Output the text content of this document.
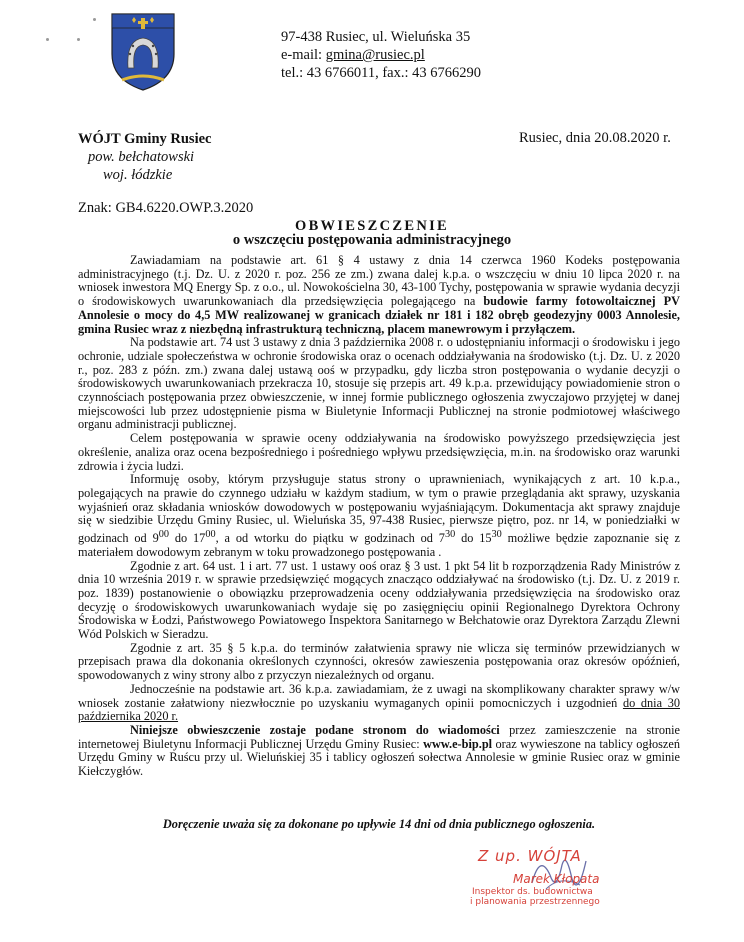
97-438 Rusiec, ul. Wieluńska 35
e-mail: gmina@rusiec.pl
tel.: 43 6766011, fax.: 43 6766290
WÓJT Gminy Rusiec
pow. bełchatowski
woj. łódzkie
Rusiec, dnia 20.08.2020 r.
Znak: GB4.6220.OWP.3.2020
OBWIESZCZENIE
o wszczęciu postępowania administracyjnego

Zawiadamiam na podstawie art. 61 § 4 ustawy z dnia 14 czerwca 1960 Kodeks postępowania administracyjnego (t.j. Dz. U. z 2020 r. poz. 256 ze zm.) zwana dalej k.p.a. o wszczęciu w dniu 10 lipca 2020 r. na wniosek inwestora MQ Energy Sp. z o.o., ul. Nowokościelna 30, 43-100 Tychy, postępowania w sprawie wydania decyzji o środowiskowych uwarunkowaniach dla przedsięwzięcia polegającego na budowie farmy fotowoltaicznej PV Annolesie o mocy do 4,5 MW realizowanej w granicach działek nr 181 i 182 obręb geodezyjny 0003 Annolesie, gmina Rusiec wraz z niezbędną infrastrukturą techniczną, placem manewrowym i przyłączem.

Na podstawie art. 74 ust 3 ustawy z dnia 3 października 2008 r. o udostępnianiu informacji o środowisku i jego ochronie, udziale społeczeństwa w ochronie środowiska oraz o ocenach oddziaływania na środowisko (t.j. Dz. U. z 2020 r., poz. 283 z późn. zm.) zwana dalej ustawą ooś w przypadku, gdy liczba stron postępowania o wydanie decyzji o środowiskowych uwarunkowaniach przekracza 10, stosuje się przepis art. 49 k.p.a. przewidujący powiadomienie stron o czynnościach postępowania przez obwieszczenie, w innej formie publicznego ogłoszenia zwyczajowo przyjętej w danej miejscowości lub przez udostępnienie pisma w Biuletynie Informacji Publicznej na stronie podmiotowej właściwego organu administracji publicznej.

Celem postępowania w sprawie oceny oddziaływania na środowisko powyższego przedsięwzięcia jest określenie, analiza oraz ocena bezpośredniego i pośredniego wpływu przedsięwzięcia, m.in. na środowisko oraz warunki zdrowia i życia ludzi.

Informuję osoby, którym przysługuje status strony o uprawnieniach, wynikających z art. 10 k.p.a., polegających na prawie do czynnego udziału w każdym stadium, w tym o prawie przeglądania akt sprawy, uzyskania wyjaśnień oraz składania wniosków dowodowych w postępowaniu wyjaśniającym. Dokumentacja akt sprawy znajduje się w siedzibie Urzędu Gminy Rusiec, ul. Wieluńska 35, 97-438 Rusiec, pierwsze piętro, poz. nr 14, w poniedziałki w godzinach od $9^{00}$ do $17^{00}$, a od wtorku do piątku w godzinach od $7^{30}$ do $15^{30}$ możliwe będzie zapoznanie się z materiałem dowodowym zebranym w toku prowadzonego postępowania .

Zgodnie z art. 64 ust. 1 i art. 77 ust. 1 ustawy ooś oraz § 3 ust. 1 pkt 54 lit b rozporządzenia Rady Ministrów z dnia 10 września 2019 r. w sprawie przedsięwzięć mogących znacząco oddziaływać na środowisko (t.j. Dz. U. z 2019 r. poz. 1839) postanowienie o obowiązku przeprowadzenia oceny oddziaływania przedsięwzięcia na środowisko oraz decyzję o środowiskowych uwarunkowaniach wydaje się po zasięgnięciu opinii Regionalnego Dyrektora Ochrony Środowiska w Łodzi, Państwowego Powiatowego Inspektora Sanitarnego w Bełchatowie oraz Dyrektora Zarządu Zlewni Wód Polskich w Sieradzu.

Zgodnie z art. 35 § 5 k.p.a. do terminów załatwienia sprawy nie wlicza się terminów przewidzianych w przepisach prawa dla dokonania określonych czynności, okresów zawieszenia postępowania oraz okresów opóźnień, spowodowanych z winy strony albo z przyczyn niezależnych od organu.

Jednocześnie na podstawie art. 36 k.p.a. zawiadamiam, że z uwagi na skomplikowany charakter sprawy w/w wniosek zostanie załatwiony niezwłocznie po uzyskaniu wymaganych opinii pomocniczych i uzgodnień do dnia 30 października 2020 r.

Niniejsze obwieszczenie zostaje podane stronom do wiadomości przez zamieszczenie na stronie internetowej Biuletynu Informacji Publicznej Urzędu Gminy Rusiec: www.e-bip.pl oraz wywieszone na tablicy ogłoszeń Urzędu Gminy w Ruścu przy ul. Wieluńskiej 35 i tablicy ogłoszeń sołectwa Annolesie w gminie Rusiec oraz w gminie Kiełczygłów.

Doręczenie uważa się za dokonane po upływie 14 dni od dnia publicznego ogłoszenia.
Z up. WÓJTA
Marek Kłopata
Inspektor ds. budownictwa
i planowania przestrzennego
